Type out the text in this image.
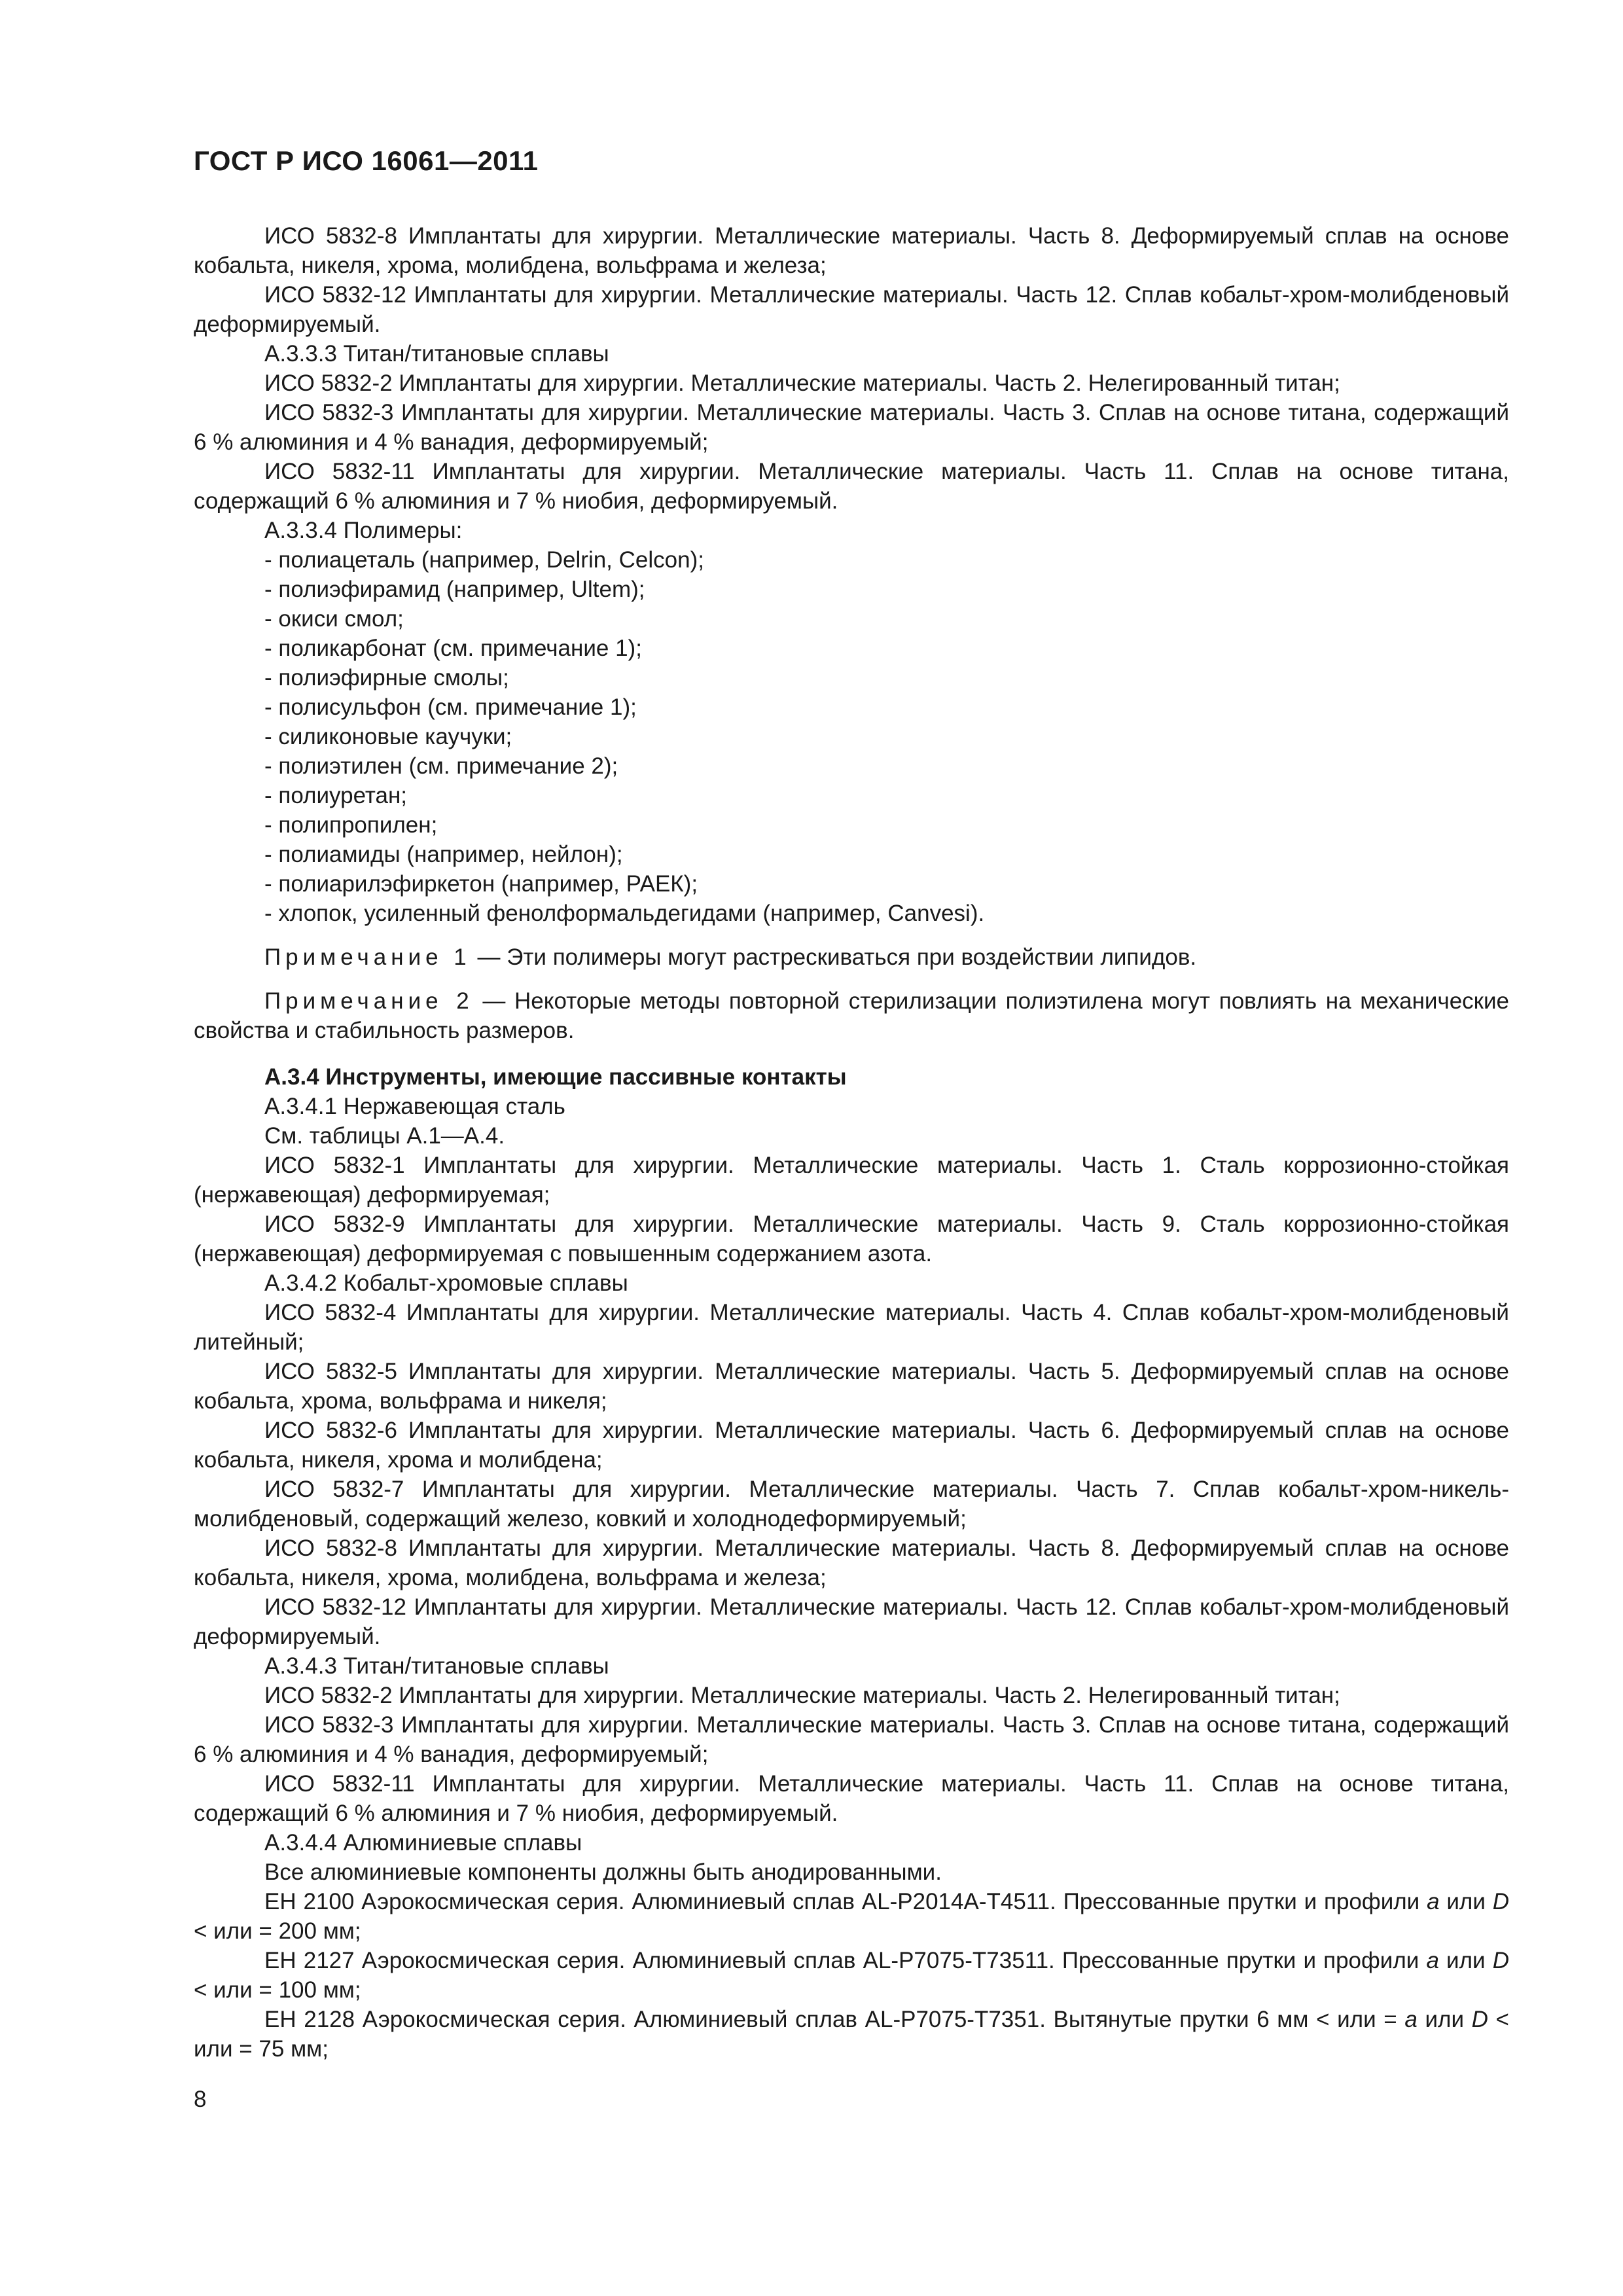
ГОСТ Р ИСО 16061—2011

ИСО 5832-8 Имплантаты для хирургии. Металлические материалы. Часть 8. Деформируемый сплав на основе кобальта, никеля, хрома, молибдена, вольфрама и железа;

ИСО 5832-12 Имплантаты для хирургии. Металлические материалы. Часть 12. Сплав кобальт-хром-молибденовый деформируемый.

А.3.3.3 Титан/титановые сплавы

ИСО 5832-2 Имплантаты для хирургии. Металлические материалы. Часть 2. Нелегированный титан;

ИСО 5832-3 Имплантаты для хирургии. Металлические материалы. Часть 3. Сплав на основе титана, содержащий 6 % алюминия и 4 % ванадия, деформируемый;

ИСО 5832-11 Имплантаты для хирургии. Металлические материалы. Часть 11. Сплав на основе титана, содержащий 6 % алюминия и 7 % ниобия, деформируемый.

А.3.3.4 Полимеры:

- полиацеталь (например, Delrin, Celcon);

- полиэфирамид (например, Ultem);

- окиси смол;

- поликарбонат (см. примечание 1);

- полиэфирные смолы;

- полисульфон (см. примечание 1);

- силиконовые каучуки;

- полиэтилен (см. примечание 2);

- полиуретан;

- полипропилен;

- полиамиды (например, нейлон);

- полиарилэфиркетон (например, РАЕК);

- хлопок, усиленный фенолформальдегидами (например, Canvesi).

Примечание 1 — Эти полимеры могут растрескиваться при воздействии липидов.

Примечание 2 — Некоторые методы повторной стерилизации полиэтилена могут повлиять на механические свойства и стабильность размеров.

А.3.4 Инструменты, имеющие пассивные контакты

А.3.4.1 Нержавеющая сталь

См. таблицы А.1—А.4.

ИСО 5832-1 Имплантаты для хирургии. Металлические материалы. Часть 1. Сталь коррозионно-стойкая (нержавеющая) деформируемая;

ИСО 5832-9 Имплантаты для хирургии. Металлические материалы. Часть 9. Сталь коррозионно-стойкая (нержавеющая) деформируемая с повышенным содержанием азота.

А.3.4.2 Кобальт-хромовые сплавы

ИСО 5832-4 Имплантаты для хирургии. Металлические материалы. Часть 4. Сплав кобальт-хром-молибденовый литейный;

ИСО 5832-5 Имплантаты для хирургии. Металлические материалы. Часть 5. Деформируемый сплав на основе кобальта, хрома, вольфрама и никеля;

ИСО 5832-6 Имплантаты для хирургии. Металлические материалы. Часть 6. Деформируемый сплав на основе кобальта, никеля, хрома и молибдена;

ИСО 5832-7 Имплантаты для хирургии. Металлические материалы. Часть 7. Сплав кобальт-хром-никель-молибденовый, содержащий железо, ковкий и холоднодеформируемый;

ИСО 5832-8 Имплантаты для хирургии. Металлические материалы. Часть 8. Деформируемый сплав на основе кобальта, никеля, хрома, молибдена, вольфрама и железа;

ИСО 5832-12 Имплантаты для хирургии. Металлические материалы. Часть 12. Сплав кобальт-хром-молибденовый деформируемый.

А.3.4.3 Титан/титановые сплавы

ИСО 5832-2 Имплантаты для хирургии. Металлические материалы. Часть 2. Нелегированный титан;

ИСО 5832-3 Имплантаты для хирургии. Металлические материалы. Часть 3. Сплав на основе титана, содержащий 6 % алюминия и 4 % ванадия, деформируемый;

ИСО 5832-11 Имплантаты для хирургии. Металлические материалы. Часть 11. Сплав на основе титана, содержащий 6 % алюминия и 7 % ниобия, деформируемый.

А.3.4.4 Алюминиевые сплавы

Все алюминиевые компоненты должны быть анодированными.

ЕН 2100 Аэрокосмическая серия. Алюминиевый сплав AL-P2014A-T4511. Прессованные прутки и профили a или D < или = 200 мм;

ЕН 2127 Аэрокосмическая серия. Алюминиевый сплав AL-P7075-T73511. Прессованные прутки и профили a или D < или = 100 мм;

ЕН 2128 Аэрокосмическая серия. Алюминиевый сплав AL-P7075-T7351. Вытянутые прутки 6 мм < или = a или D < или = 75 мм;

8
